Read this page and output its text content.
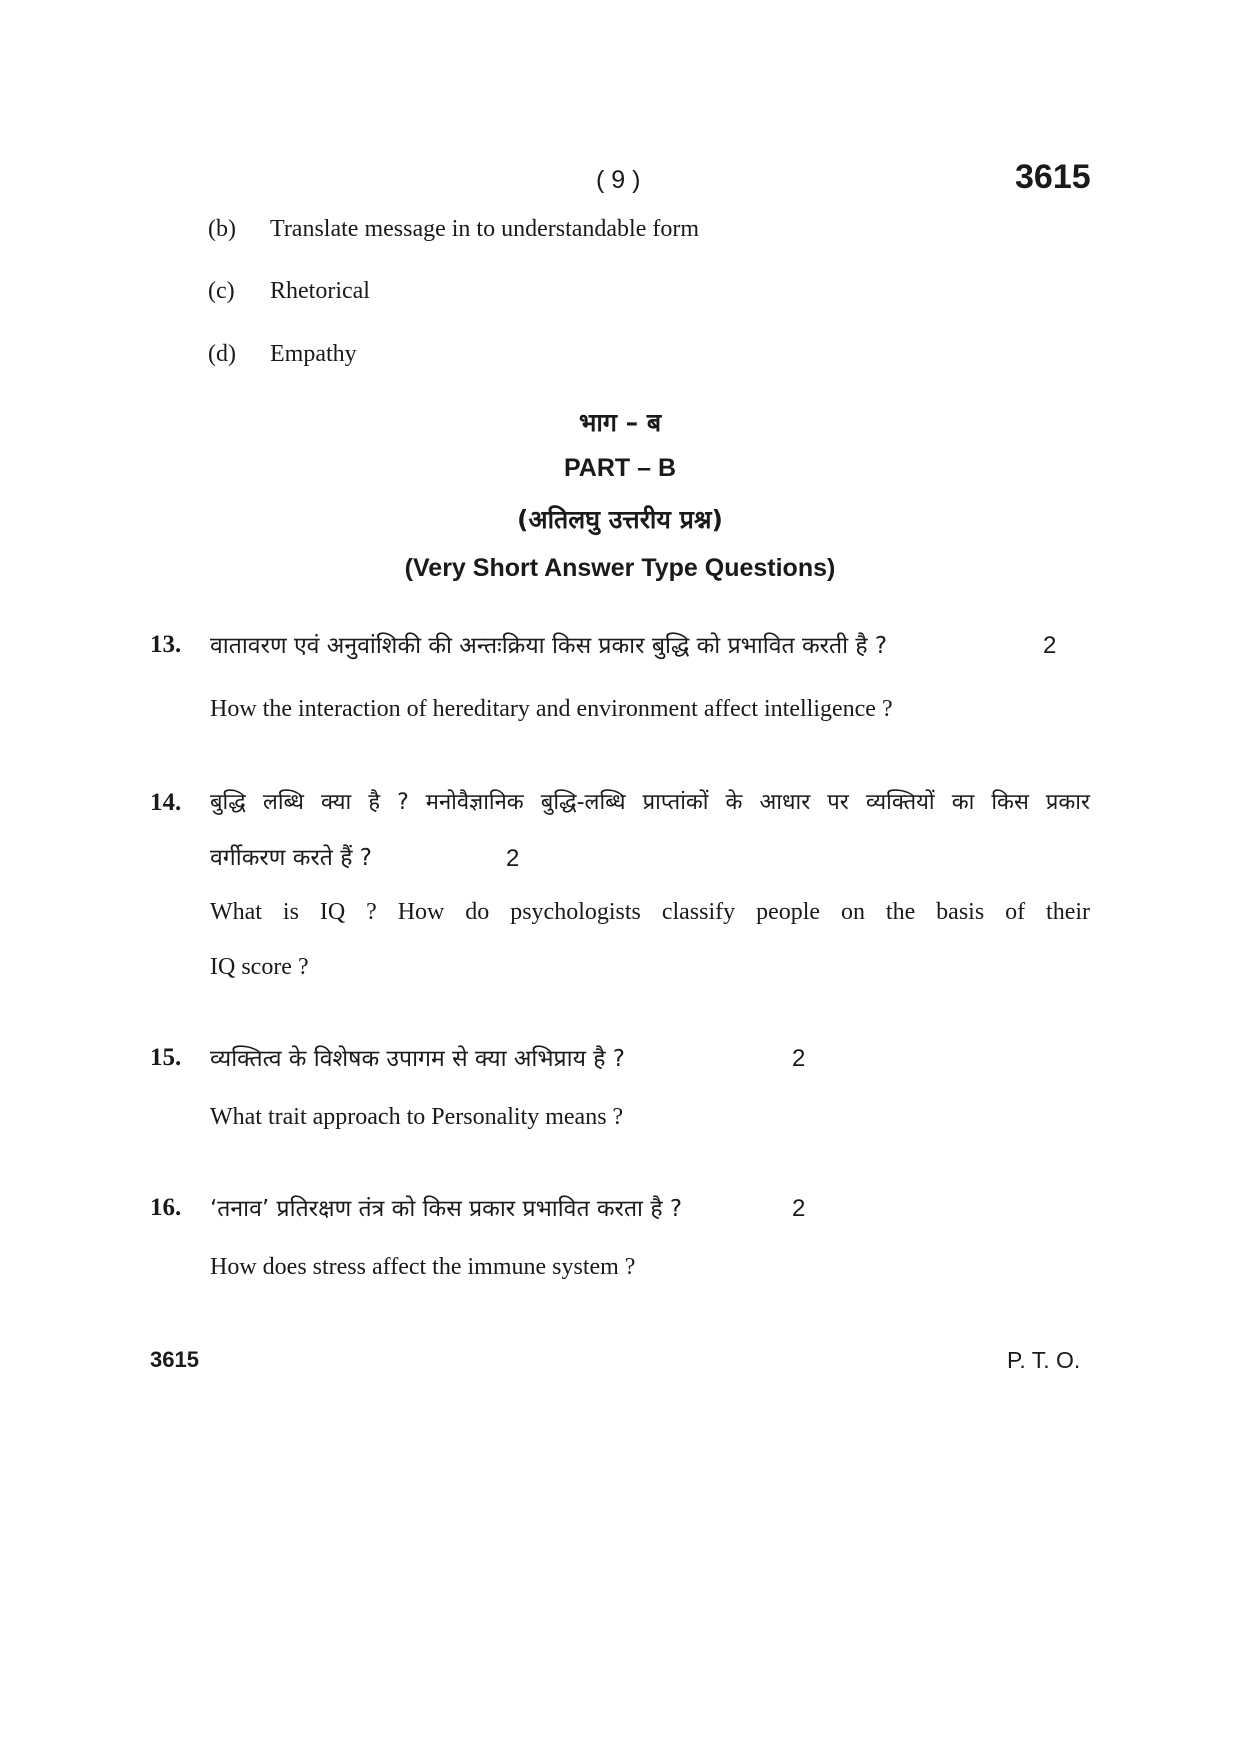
( 9 )	3615
(b) Translate message in to understandable form
(c) Rhetorical
(d) Empathy
भाग – ब
PART – B
(अतिलघु उत्तरीय प्रश्न)
(Very Short Answer Type Questions)
13. वातावरण एवं अनुवांशिकी की अन्तःक्रिया किस प्रकार बुद्धि को प्रभावित करती है ?	2
How the interaction of hereditary and environment affect intelligence ?
14. बुद्धि लब्धि क्या है ? मनोवैज्ञानिक बुद्धि-लब्धि प्राप्तांकों के आधार पर व्यक्तियों का किस प्रकार
वर्गीकरण करते हैं ?	2
What is IQ ? How do psychologists classify people on the basis of their
IQ score ?
15. व्यक्तित्व के विशेषक उपागम से क्या अभिप्राय है ?	2
What trait approach to Personality means ?
16. ‘तनाव’ प्रतिरक्षण तंत्र को किस प्रकार प्रभावित करता है ?	2
How does stress affect the immune system ?
3615	P. T. O.
